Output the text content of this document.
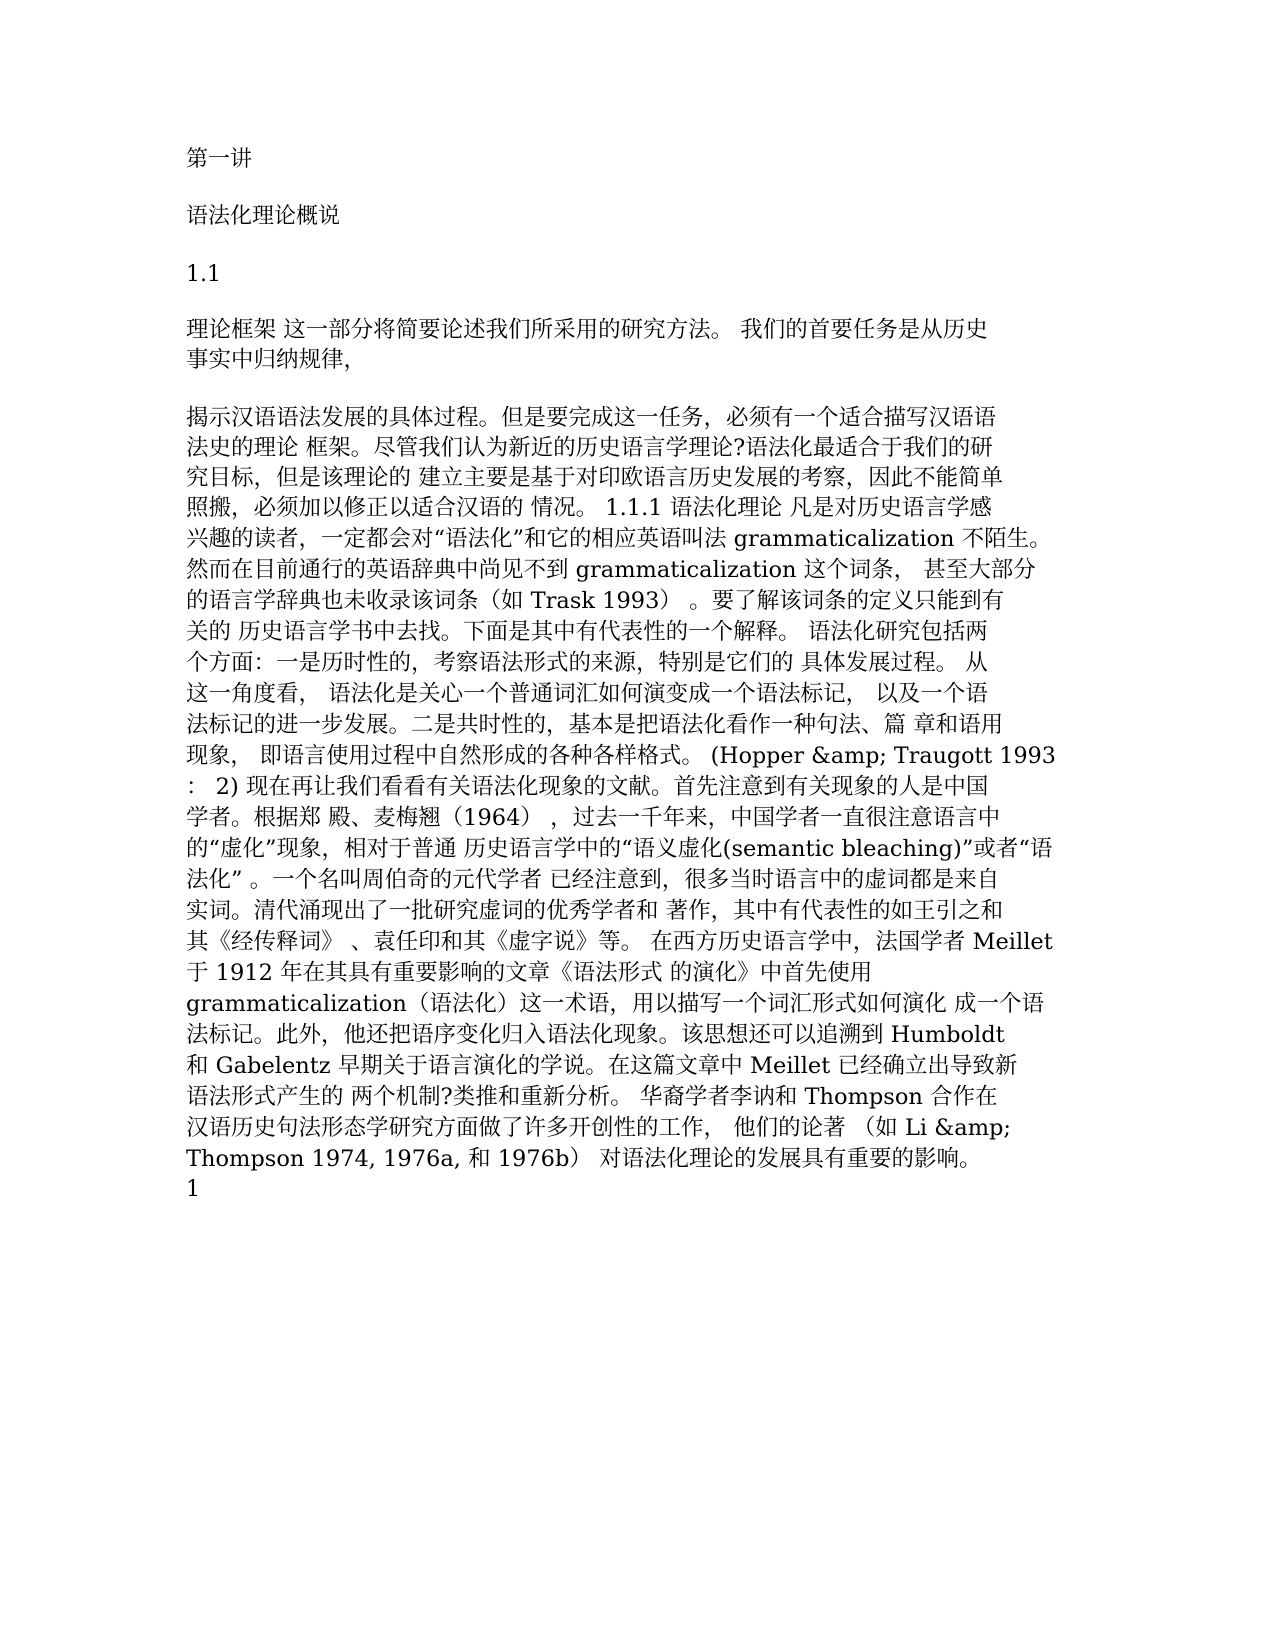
第一讲
语法化理论概说
1.1
理论框架 这一部分将简要论述我们所采用的研究方法。 我们的首要任务是从历史
事实中归纳规律，
揭示汉语语法发展的具体过程。但是要完成这一任务，必须有一个适合描写汉语语
法史的理论 框架。尽管我们认为新近的历史语言学理论?语法化最适合于我们的研
究目标，但是该理论的 建立主要是基于对印欧语言历史发展的考察，因此不能简单
照搬，必须加以修正以适合汉语的 情况。 1.1.1 语法化理论 凡是对历史语言学感
兴趣的读者，一定都会对“语法化”和它的相应英语叫法 grammaticalization 不陌生。
然而在目前通行的英语辞典中尚见不到 grammaticalization 这个词条， 甚至大部分
的语言学辞典也未收录该词条（如 Trask 1993） 。要了解该词条的定义只能到有
关的 历史语言学书中去找。下面是其中有代表性的一个解释。 语法化研究包括两
个方面：一是历时性的，考察语法形式的来源，特别是它们的 具体发展过程。 从
这一角度看， 语法化是关心一个普通词汇如何演变成一个语法标记， 以及一个语
法标记的进一步发展。二是共时性的，基本是把语法化看作一种句法、篇 章和语用
现象， 即语言使用过程中自然形成的各种各样格式。 (Hopper &amp; Traugott 1993
： 2) 现在再让我们看看有关语法化现象的文献。首先注意到有关现象的人是中国
学者。根据郑 殿、麦梅翘（1964） ，过去一千年来，中国学者一直很注意语言中
的“虚化”现象，相对于普通 历史语言学中的“语义虚化(semantic bleaching)”或者“语
法化” 。一个名叫周伯奇的元代学者 已经注意到，很多当时语言中的虚词都是来自
实词。清代涌现出了一批研究虚词的优秀学者和 著作，其中有代表性的如王引之和
其《经传释词》 、袁任印和其《虚字说》等。 在西方历史语言学中，法国学者 Meillet
于 1912 年在其具有重要影响的文章《语法形式 的演化》中首先使用
grammaticalization（语法化）这一术语，用以描写一个词汇形式如何演化 成一个语
法标记。此外，他还把语序变化归入语法化现象。该思想还可以追溯到 Humboldt
和 Gabelentz 早期关于语言演化的学说。在这篇文章中 Meillet 已经确立出导致新
语法形式产生的 两个机制?类推和重新分析。 华裔学者李讷和 Thompson 合作在
汉语历史句法形态学研究方面做了许多开创性的工作， 他们的论著 （如 Li &amp;
Thompson 1974, 1976a, 和 1976b） 对语法化理论的发展具有重要的影响。
1
